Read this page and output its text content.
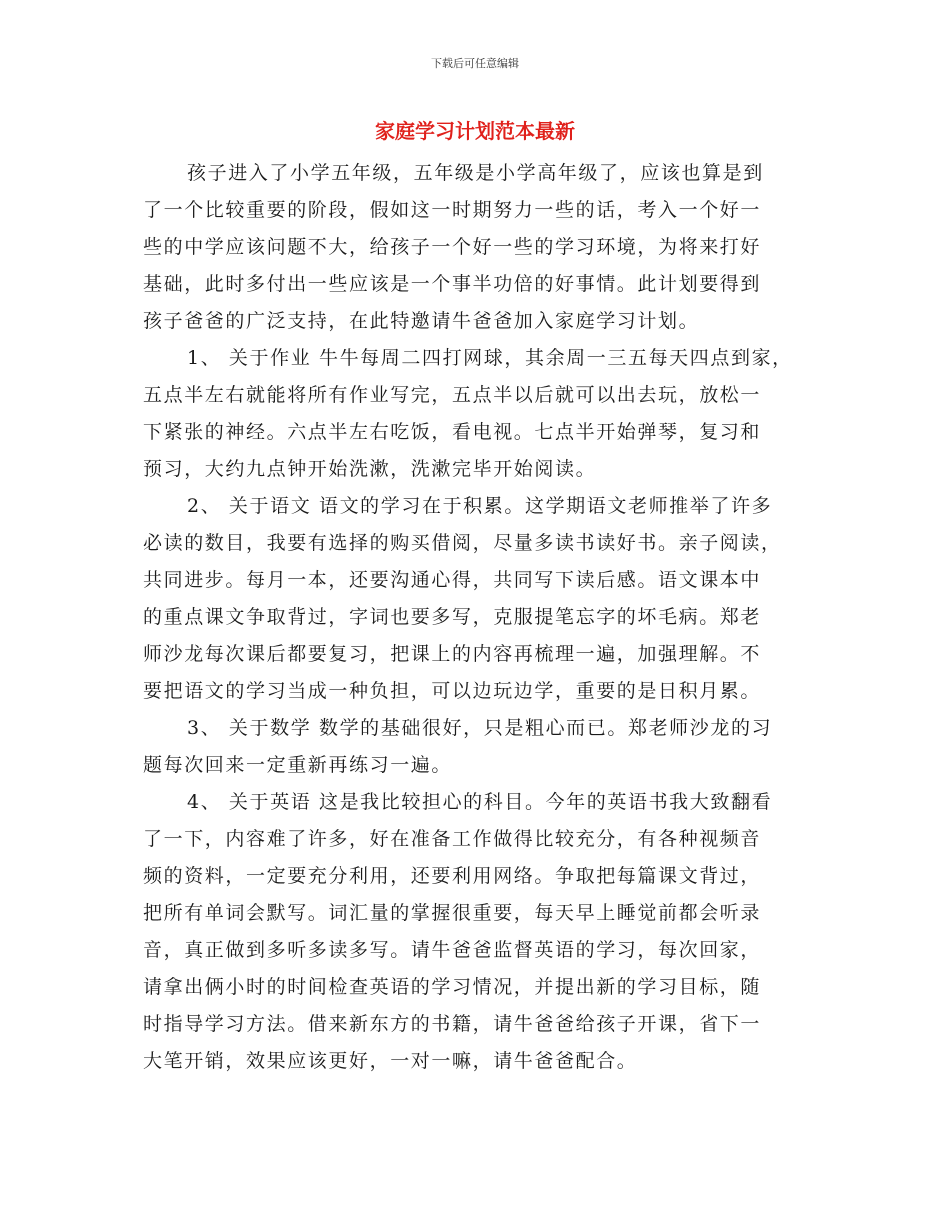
下载后可任意编辑
家庭学习计划范本最新
孩子进入了小学五年级，五年级是小学高年级了，应该也算是到
了一个比较重要的阶段，假如这一时期努力一些的话，考入一个好一
些的中学应该问题不大，给孩子一个好一些的学习环境，为将来打好
基础，此时多付出一些应该是一个事半功倍的好事情。此计划要得到
孩子爸爸的广泛支持，在此特邀请牛爸爸加入家庭学习计划。
1、 关于作业 牛牛每周二四打网球，其余周一三五每天四点到家，
五点半左右就能将所有作业写完，五点半以后就可以出去玩，放松一
下紧张的神经。六点半左右吃饭，看电视。七点半开始弹琴，复习和
预习，大约九点钟开始洗漱，洗漱完毕开始阅读。
2、 关于语文 语文的学习在于积累。这学期语文老师推举了许多
必读的数目，我要有选择的购买借阅，尽量多读书读好书。亲子阅读，
共同进步。每月一本，还要沟通心得，共同写下读后感。语文课本中
的重点课文争取背过，字词也要多写，克服提笔忘字的坏毛病。郑老
师沙龙每次课后都要复习，把课上的内容再梳理一遍，加强理解。不
要把语文的学习当成一种负担，可以边玩边学，重要的是日积月累。
3、 关于数学 数学的基础很好，只是粗心而已。郑老师沙龙的习
题每次回来一定重新再练习一遍。
4、 关于英语 这是我比较担心的科目。今年的英语书我大致翻看
了一下，内容难了许多，好在准备工作做得比较充分，有各种视频音
频的资料，一定要充分利用，还要利用网络。争取把每篇课文背过，
把所有单词会默写。词汇量的掌握很重要，每天早上睡觉前都会听录
音，真正做到多听多读多写。请牛爸爸监督英语的学习，每次回家，
请拿出俩小时的时间检查英语的学习情况，并提出新的学习目标，随
时指导学习方法。借来新东方的书籍，请牛爸爸给孩子开课，省下一
大笔开销，效果应该更好，一对一嘛，请牛爸爸配合。
